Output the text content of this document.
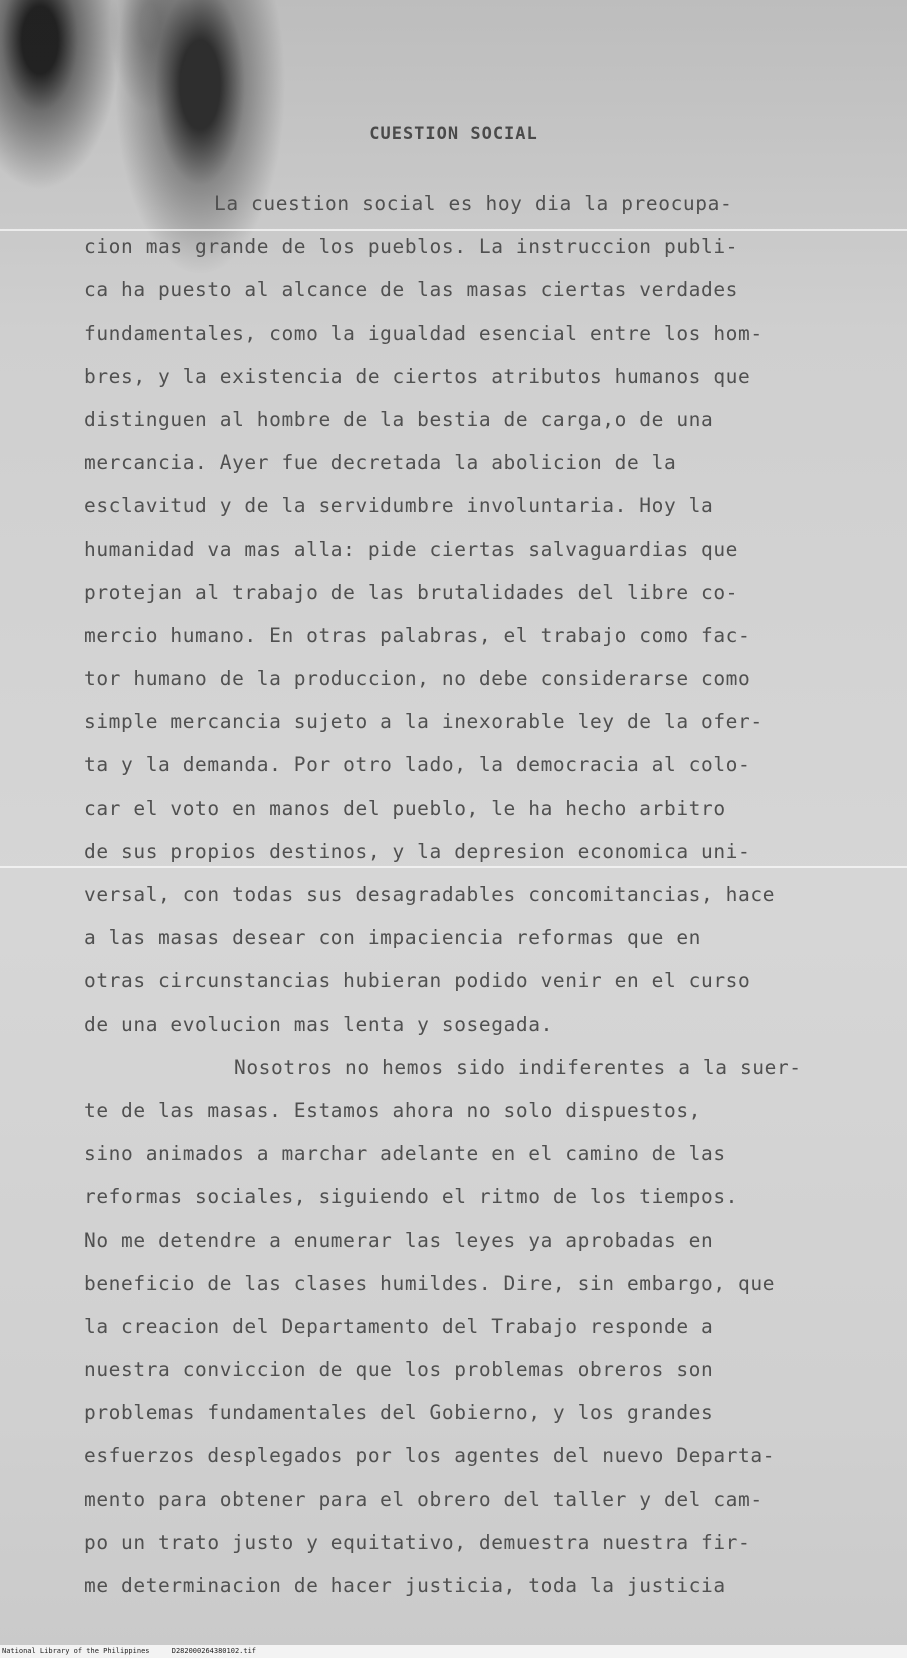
CUESTION SOCIAL
La cuestion social es hoy dia la preocupa-
cion mas grande de los pueblos. La instruccion publi-
ca ha puesto al alcance de las masas ciertas verdades
fundamentales, como la igualdad esencial entre los hom-
bres, y la existencia de ciertos atributos humanos que
distinguen al hombre de la bestia de carga,o de una
mercancia. Ayer fue decretada la abolicion de la
esclavitud y de la servidumbre involuntaria. Hoy la
humanidad va mas alla: pide ciertas salvaguardias que
protejan al trabajo de las brutalidades del libre co-
mercio humano. En otras palabras, el trabajo como fac-
tor humano de la produccion, no debe considerarse como
simple mercancia sujeto a la inexorable ley de la ofer-
ta y la demanda. Por otro lado, la democracia al colo-
car el voto en manos del pueblo, le ha hecho arbitro
de sus propios destinos, y la depresion economica uni-
versal, con todas sus desagradables concomitancias, hace
a las masas desear con impaciencia reformas que en
otras circunstancias hubieran podido venir en el curso
de una evolucion mas lenta y sosegada.
Nosotros no hemos sido indiferentes a la suer-
te de las masas. Estamos ahora no solo dispuestos,
sino animados a marchar adelante en el camino de las
reformas sociales, siguiendo el ritmo de los tiempos.
No me detendre a enumerar las leyes ya aprobadas en
beneficio de las clases humildes. Dire, sin embargo, que
la creacion del Departamento del Trabajo responde a
nuestra conviccion de que los problemas obreros son
problemas fundamentales del Gobierno, y los grandes
esfuerzos desplegados por los agentes del nuevo Departa-
mento para obtener para el obrero del taller y del cam-
po un trato justo y equitativo, demuestra nuestra fir-
me determinacion de hacer justicia, toda la justicia
National Library of the Philippines	D282000264380102.tif
